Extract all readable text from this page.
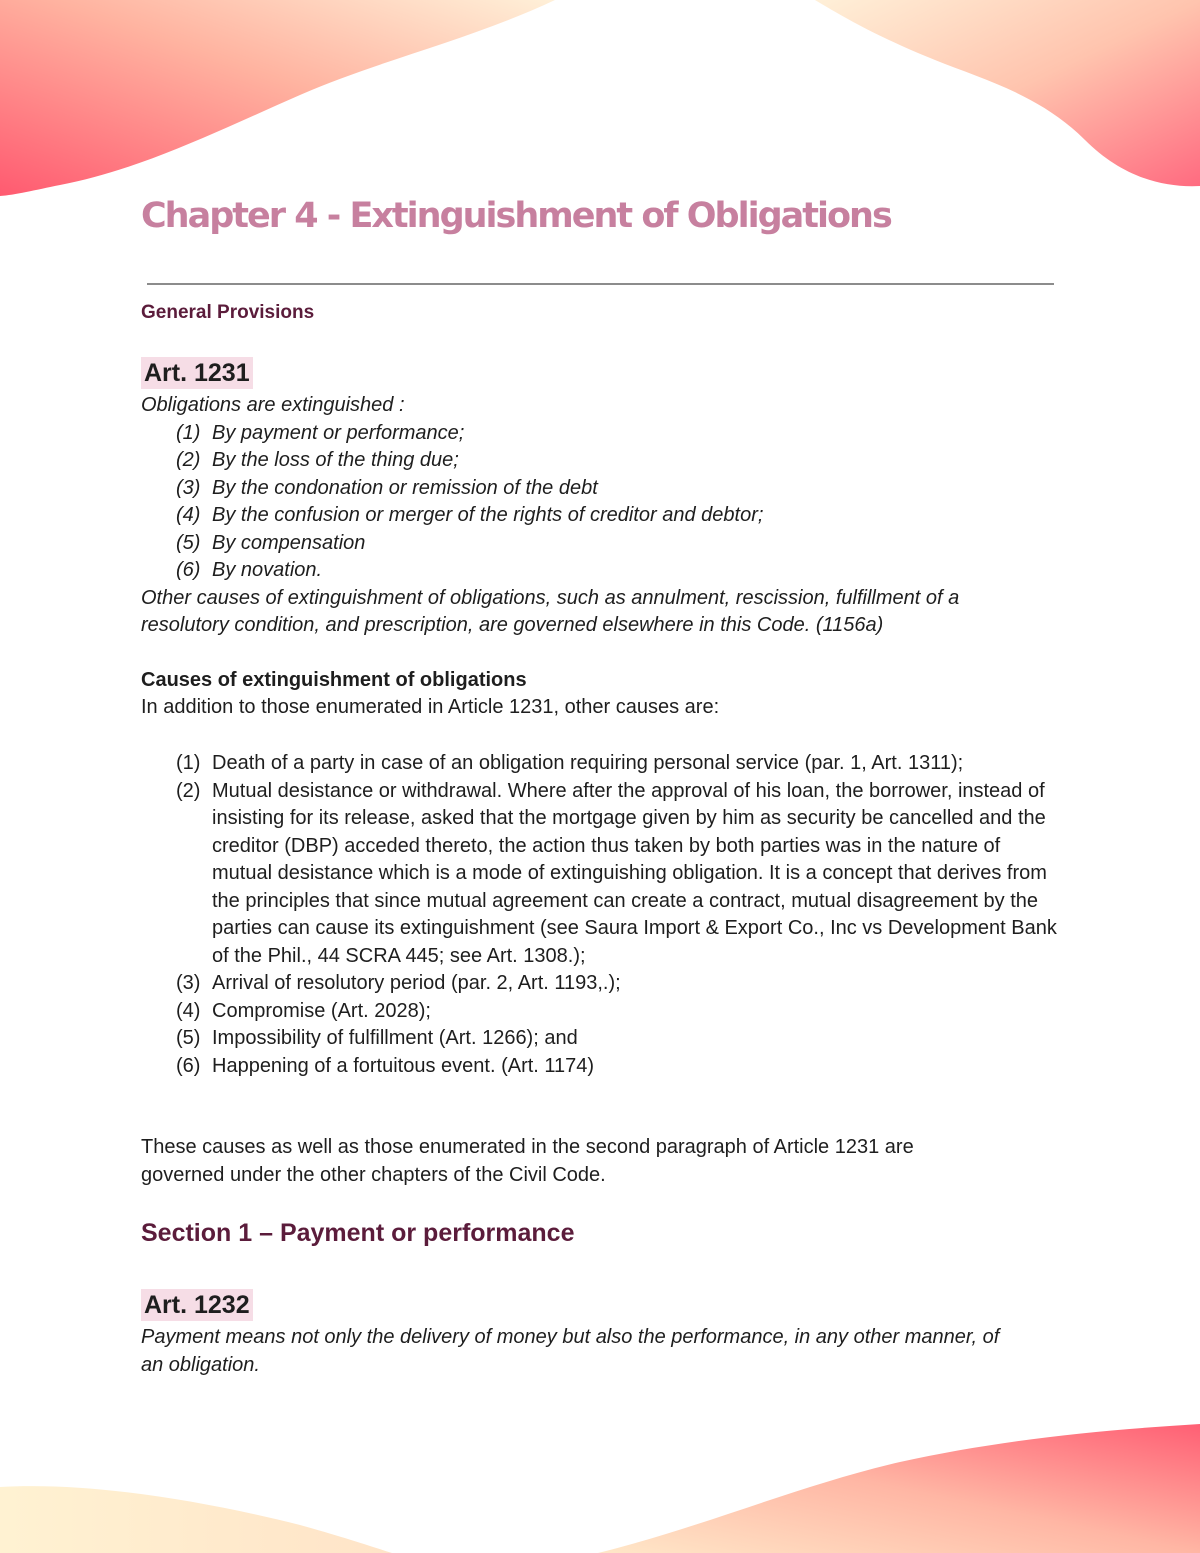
Chapter 4 - Extinguishment of Obligations
General Provisions
Art. 1231
Obligations are extinguished :
(1) By payment or performance;
(2) By the loss of the thing due;
(3) By the condonation or remission of the debt
(4) By the confusion or merger of the rights of creditor and debtor;
(5) By compensation
(6) By novation.
Other causes of extinguishment of obligations, such as annulment, rescission, fulfillment of a resolutory condition, and prescription, are governed elsewhere in this Code. (1156a)
Causes of extinguishment of obligations
In addition to those enumerated in Article 1231, other causes are:
(1) Death of a party in case of an obligation requiring personal service (par. 1, Art. 1311);
(2) Mutual desistance or withdrawal. Where after the approval of his loan, the borrower, instead of insisting for its release, asked that the mortgage given by him as security be cancelled and the creditor (DBP) acceded thereto, the action thus taken by both parties was in the nature of mutual desistance which is a mode of extinguishing obligation. It is a concept that derives from the principles that since mutual agreement can create a contract, mutual disagreement by the parties can cause its extinguishment (see Saura Import & Export Co., Inc vs Development Bank of the Phil., 44 SCRA 445; see Art. 1308.);
(3) Arrival of resolutory period (par. 2, Art. 1193,.);
(4) Compromise (Art. 2028);
(5) Impossibility of fulfillment (Art. 1266); and
(6) Happening of a fortuitous event. (Art. 1174)
These causes as well as those enumerated in the second paragraph of Article 1231 are governed under the other chapters of the Civil Code.
Section 1 – Payment or performance
Art. 1232
Payment means not only the delivery of money but also the performance, in any other manner, of an obligation.
